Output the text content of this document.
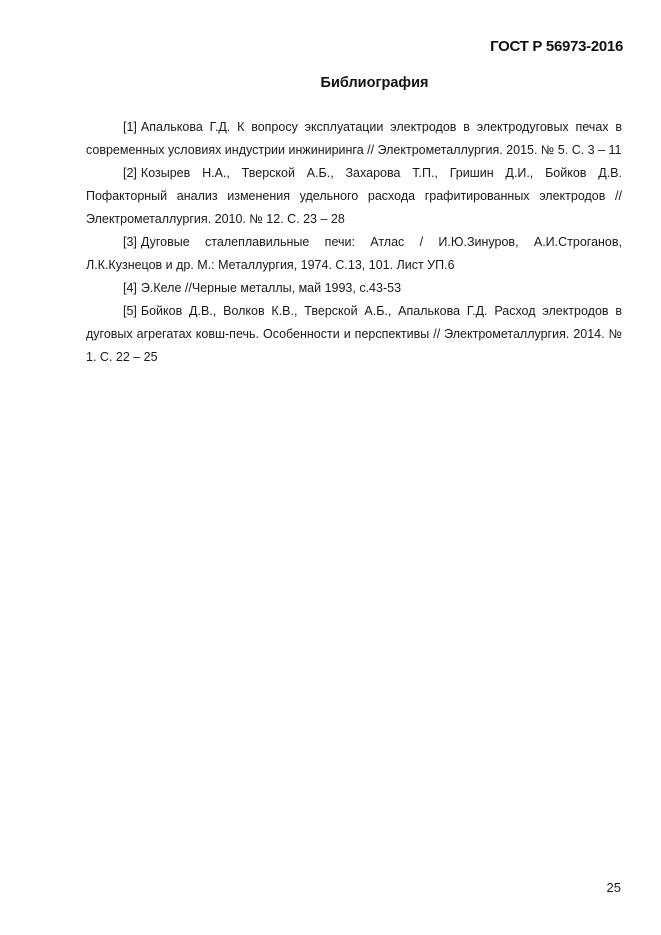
ГОСТ Р 56973-2016
Библиография

[1] Апалькова Г.Д. К вопросу эксплуатации электродов в электродуговых печах в современных условиях индустрии инжиниринга // Электрометаллургия. 2015. № 5. С. 3 – 11

[2] Козырев Н.А., Тверской А.Б., Захарова Т.П., Гришин Д.И., Бойков Д.В. Пофакторный анализ изменения удельного расхода графитированных электродов // Электрометаллургия. 2010. № 12. С. 23 – 28

[3] Дуговые сталеплавильные печи: Атлас / И.Ю.Зинуров, А.И.Строганов, Л.К.Кузнецов и др. М.: Металлургия, 1974. С.13, 101. Лист УП.6

[4] Э.Келе //Черные металлы, май 1993, с.43-53

[5] Бойков Д.В., Волков К.В., Тверской А.Б., Апалькова Г.Д. Расход электродов в дуговых агрегатах ковш-печь. Особенности и перспективы // Электрометаллургия. 2014. № 1. С. 22 – 25

25
